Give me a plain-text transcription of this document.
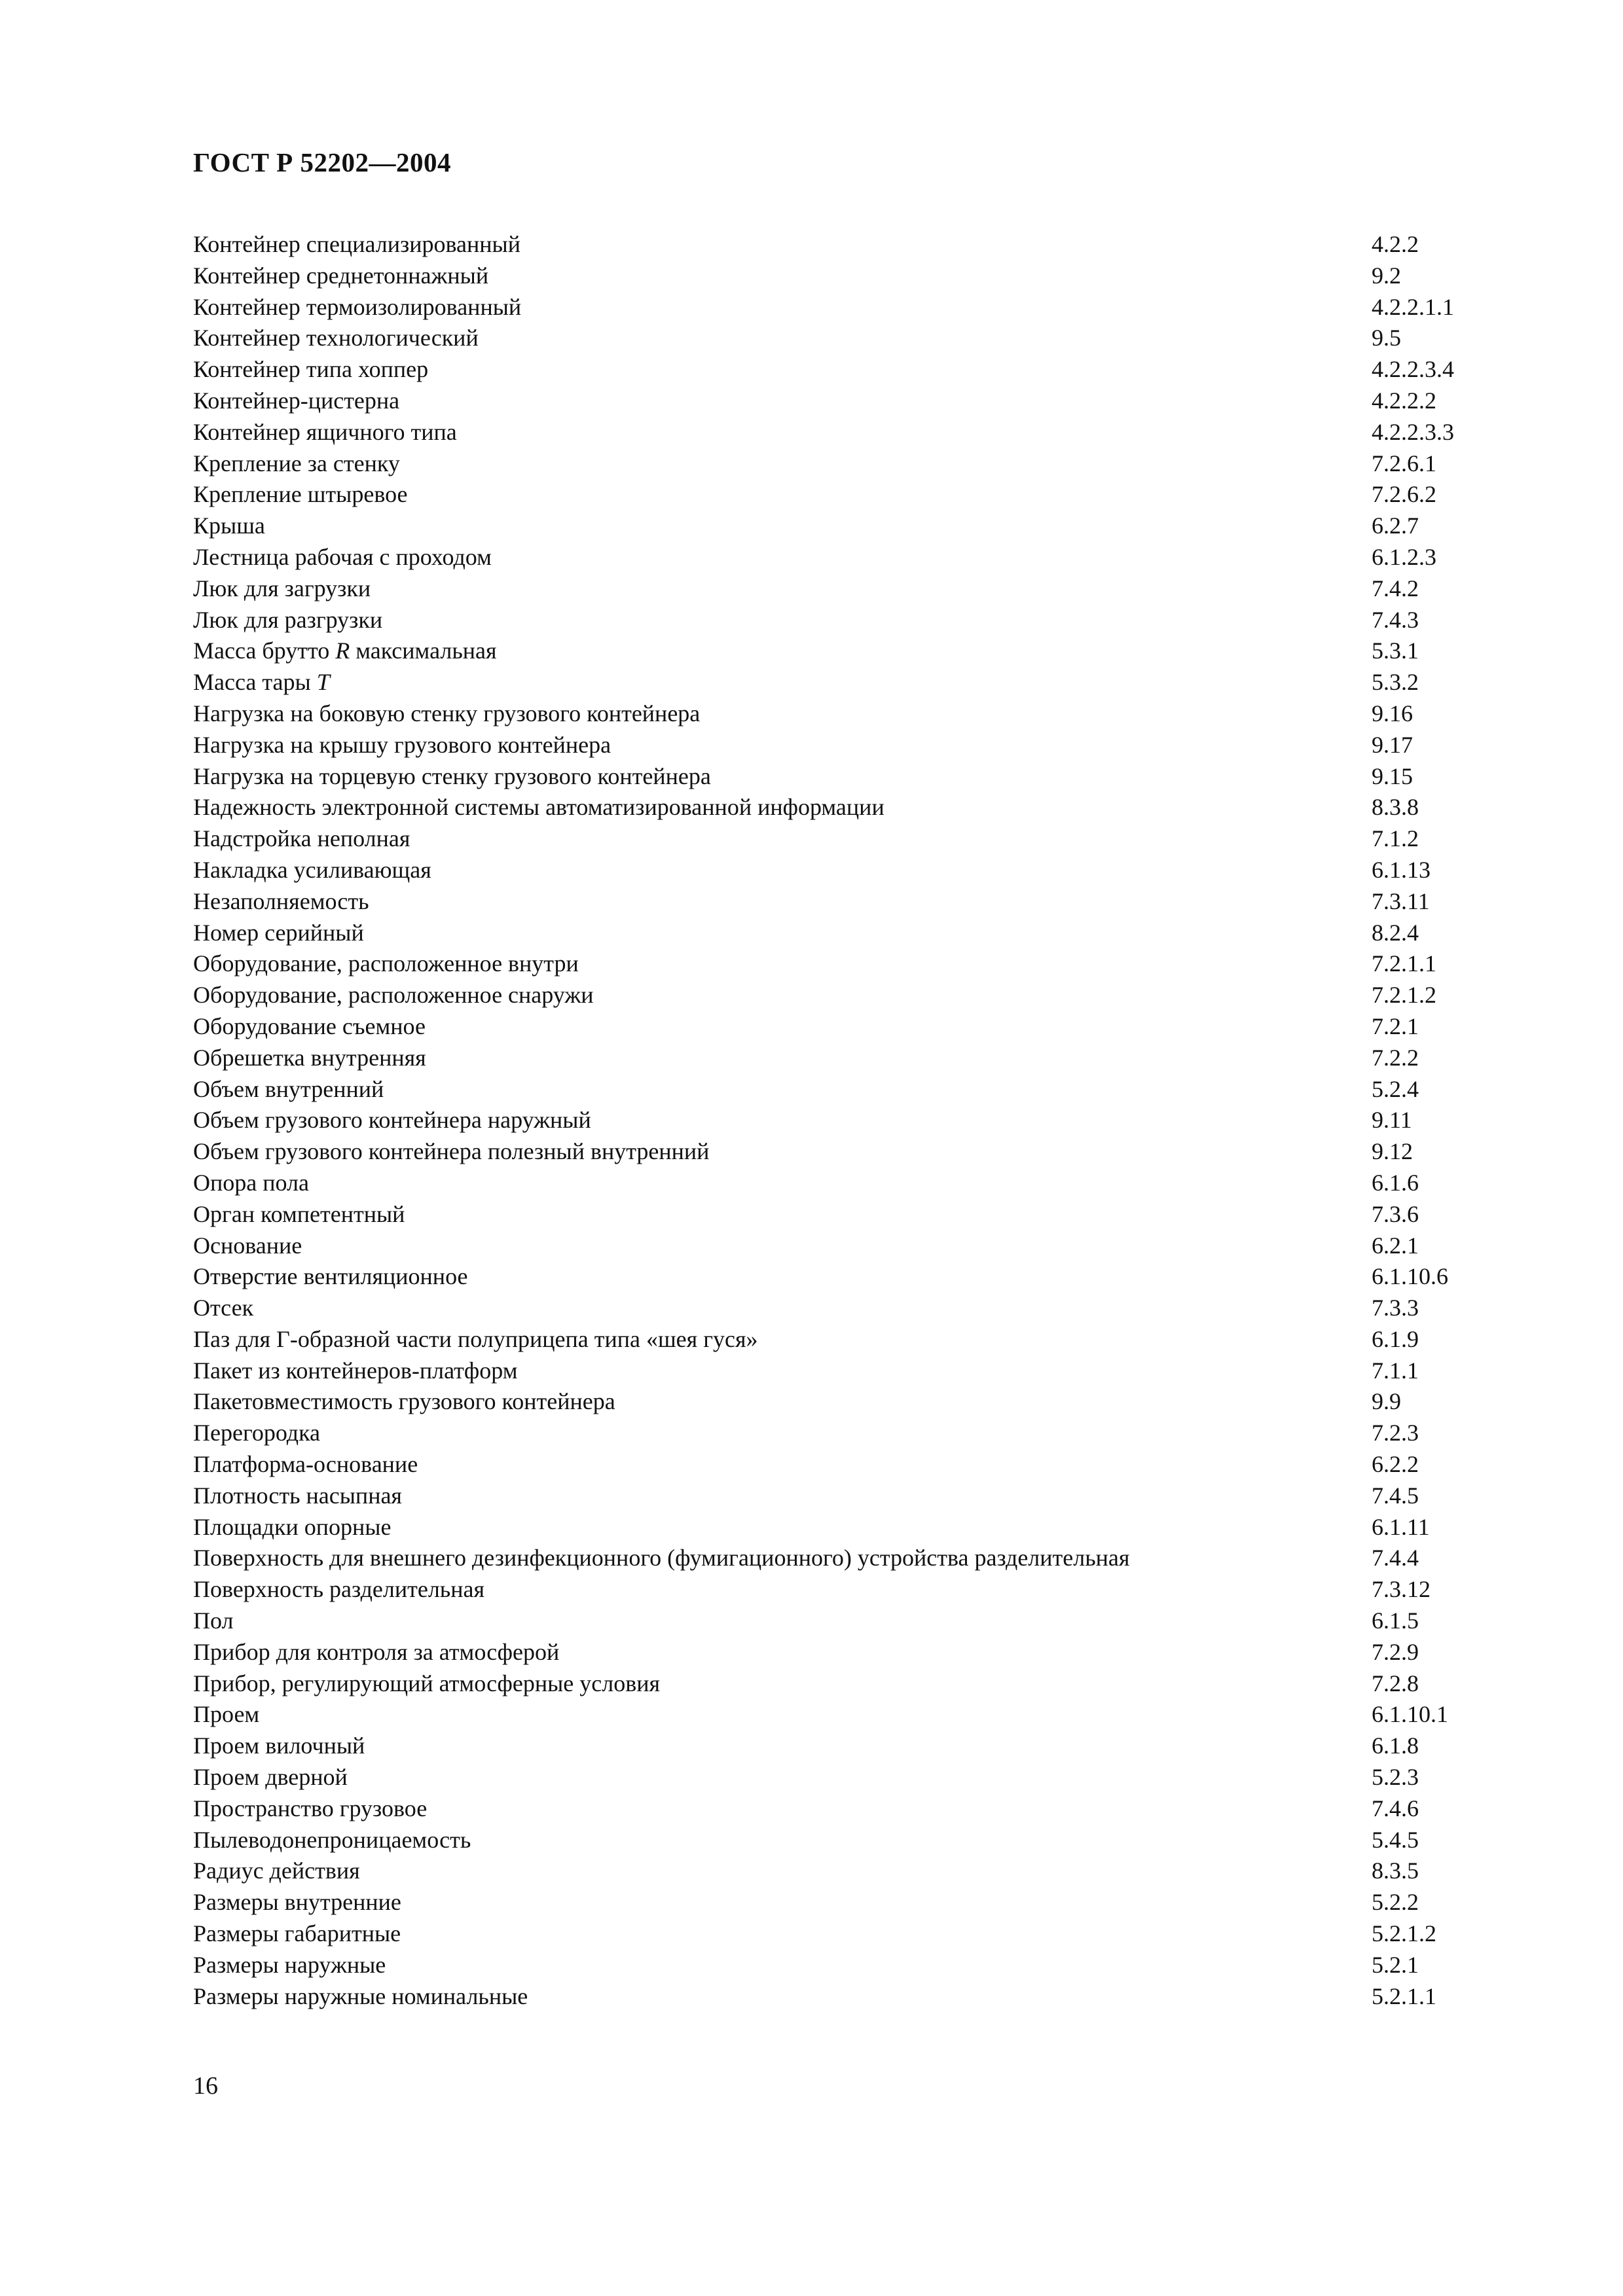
ГОСТ Р 52202—2004
Контейнер специализированный	4.2.2
Контейнер среднетоннажный	9.2
Контейнер термоизолированный	4.2.2.1.1
Контейнер технологический	9.5
Контейнер типа хоппер	4.2.2.3.4
Контейнер-цистерна	4.2.2.2
Контейнер ящичного типа	4.2.2.3.3
Крепление за стенку	7.2.6.1
Крепление штыревое	7.2.6.2
Крыша	6.2.7
Лестница рабочая с проходом	6.1.2.3
Люк для загрузки	7.4.2
Люк для разгрузки	7.4.3
Масса брутто R максимальная	5.3.1
Масса тары T	5.3.2
Нагрузка на боковую стенку грузового контейнера	9.16
Нагрузка на крышу грузового контейнера	9.17
Нагрузка на торцевую стенку грузового контейнера	9.15
Надежность электронной системы автоматизированной информации	8.3.8
Надстройка неполная	7.1.2
Накладка усиливающая	6.1.13
Незаполняемость	7.3.11
Номер серийный	8.2.4
Оборудование, расположенное внутри	7.2.1.1
Оборудование, расположенное снаружи	7.2.1.2
Оборудование съемное	7.2.1
Обрешетка внутренняя	7.2.2
Объем внутренний	5.2.4
Объем грузового контейнера наружный	9.11
Объем грузового контейнера полезный внутренний	9.12
Опора пола	6.1.6
Орган компетентный	7.3.6
Основание	6.2.1
Отверстие вентиляционное	6.1.10.6
Отсек	7.3.3
Паз для Г-образной части полуприцепа типа «шея гуся»	6.1.9
Пакет из контейнеров-платформ	7.1.1
Пакетовместимость грузового контейнера	9.9
Перегородка	7.2.3
Платформа-основание	6.2.2
Плотность насыпная	7.4.5
Площадки опорные	6.1.11
Поверхность для внешнего дезинфекционного (фумигационного) устройства разделительная	7.4.4
Поверхность разделительная	7.3.12
Пол	6.1.5
Прибор для контроля за атмосферой	7.2.9
Прибор, регулирующий атмосферные условия	7.2.8
Проем	6.1.10.1
Проем вилочный	6.1.8
Проем дверной	5.2.3
Пространство грузовое	7.4.6
Пылеводонепроницаемость	5.4.5
Радиус действия	8.3.5
Размеры внутренние	5.2.2
Размеры габаритные	5.2.1.2
Размеры наружные	5.2.1
Размеры наружные номинальные	5.2.1.1
16
